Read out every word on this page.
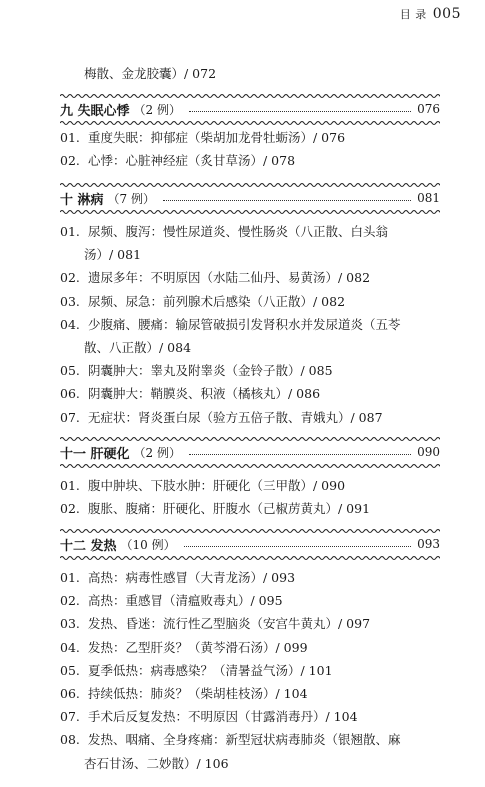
目 录 005
梅散、金龙胶囊）/ 072
九 失眠心悸 （2 例）	076
01. 重度失眠：抑郁症（柴胡加龙骨牡蛎汤）/ 076
02. 心悸：心脏神经症（炙甘草汤）/ 078
十 淋病 （7 例）	081
01. 尿频、腹泻：慢性尿道炎、慢性肠炎（八正散、白头翁
汤）/ 081
02. 遗尿多年：不明原因（水陆二仙丹、易黄汤）/ 082
03. 尿频、尿急：前列腺术后感染（八正散）/ 082
04. 少腹痛、腰痛：输尿管破损引发肾积水并发尿道炎（五苓
散、八正散）/ 084
05. 阴囊肿大：睾丸及附睾炎（金铃子散）/ 085
06. 阴囊肿大：鞘膜炎、积液（橘核丸）/ 086
07. 无症状：肾炎蛋白尿（验方五倍子散、青娥丸）/ 087
十一 肝硬化 （2 例）	090
01. 腹中肿块、下肢水肿：肝硬化（三甲散）/ 090
02. 腹胀、腹痛：肝硬化、肝腹水（己椒苈黄丸）/ 091
十二 发热 （10 例）	093
01. 高热：病毒性感冒（大青龙汤）/ 093
02. 高热：重感冒（清瘟败毒丸）/ 095
03. 发热、昏迷：流行性乙型脑炎（安宫牛黄丸）/ 097
04. 发热：乙型肝炎？（黄芩滑石汤）/ 099
05. 夏季低热：病毒感染？（清暑益气汤）/ 101
06. 持续低热：肺炎？（柴胡桂枝汤）/ 104
07. 手术后反复发热：不明原因（甘露消毒丹）/ 104
08. 发热、咽痛、全身疼痛：新型冠状病毒肺炎（银翘散、麻
杏石甘汤、二妙散）/ 106
